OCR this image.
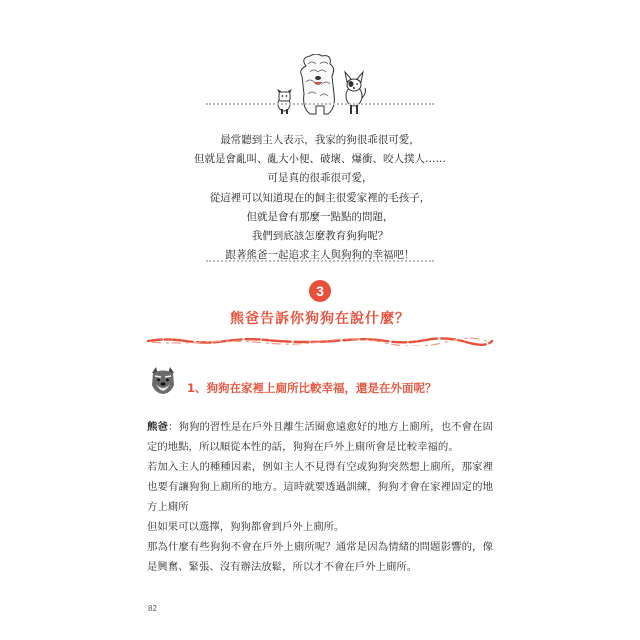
最常聽到主人表示，我家的狗很乖很可愛，
但就是會亂叫、亂大小便、破壞、爆衝、咬人撲人……
可是真的很乖很可愛，
從這裡可以知道現在的飼主很愛家裡的毛孩子，
但就是會有那麼一點點的問題，
我們到底該怎麼教育狗狗呢？
跟著熊爸一起追求主人與狗狗的幸福吧！
3
熊爸告訴你狗狗在說什麼？
1、狗狗在家裡上廁所比較幸福，還是在外面呢？

熊爸：狗狗的習性是在戶外且離生活圈愈遠愈好的地方上廁所，也不會在固定的地點，所以順從本性的話，狗狗在戶外上廁所會是比較幸福的。

若加入主人的種種因素，例如主人不見得有空或狗狗突然想上廁所，那家裡也要有讓狗狗上廁所的地方。這時就要透過訓練，狗狗才會在家裡固定的地方上廁所

但如果可以選擇，狗狗都會到戶外上廁所。

那為什麼有些狗狗不會在戶外上廁所呢？通常是因為情緒的問題影響的，像是興奮、緊張、沒有辦法放鬆，所以才不會在戶外上廁所。

82
